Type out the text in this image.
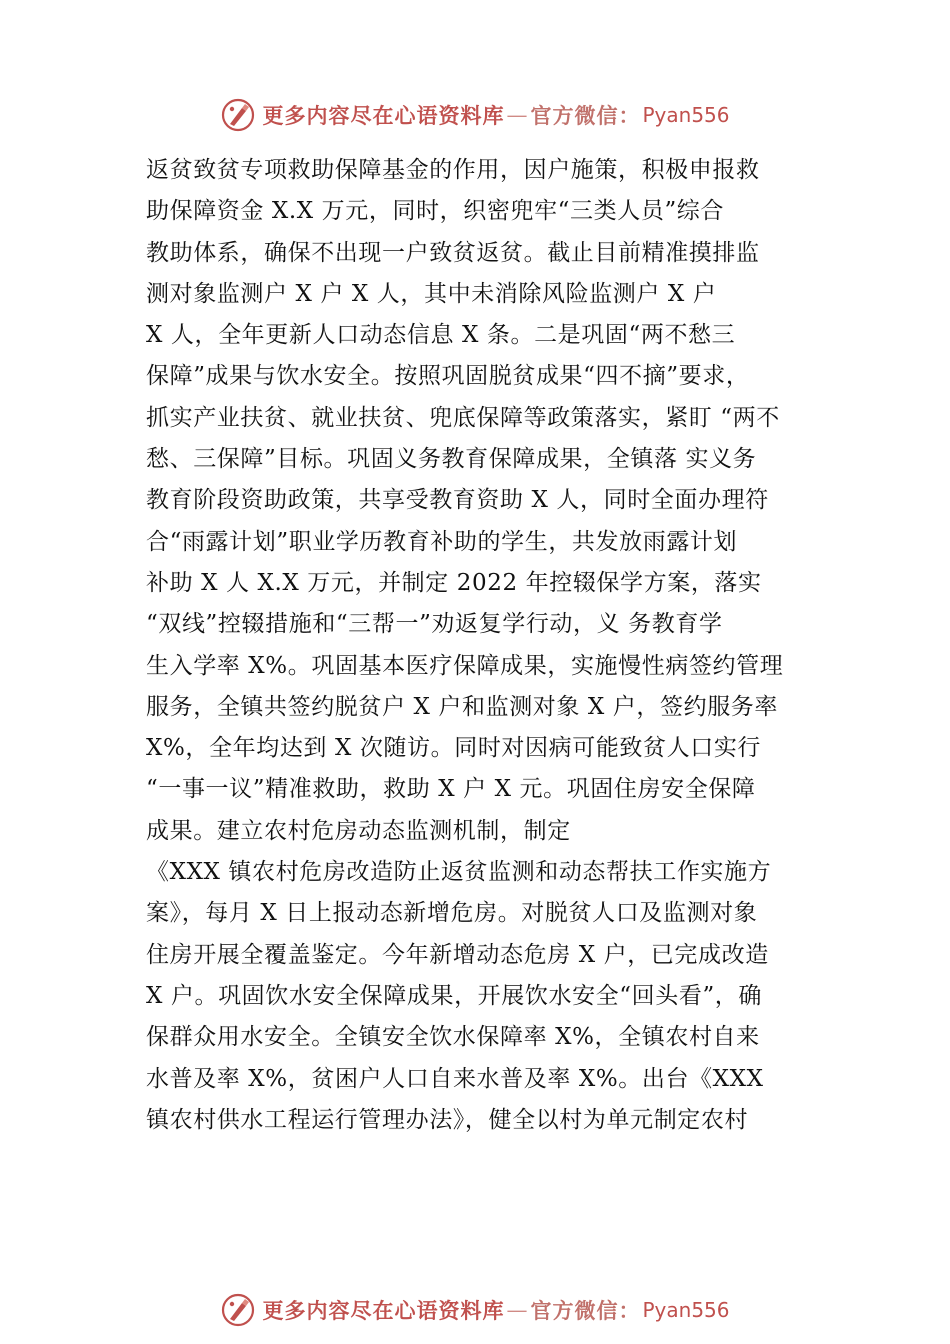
更多内容尽在心语资料库 — 官方微信： Pyan556
返贫致贫专项救助保障基金的作用，因户施策，积极申报救
助保障资金 X.X 万元，同时，织密兜牢“三类人员”综合
教助体系，确保不出现一户致贫返贫。截止目前精准摸排监
测对象监测户 X 户 X 人，其中未消除风险监测户 X 户
X 人，全年更新人口动态信息 X 条。二是巩固“两不愁三
保障”成果与饮水安全。按照巩固脱贫成果“四不摘”要求，
抓实产业扶贫、就业扶贫、兜底保障等政策落实，紧盯 “两不
愁、三保障”目标。巩固义务教育保障成果，全镇落 实义务
教育阶段资助政策，共享受教育资助 X 人，同时全面办理符
合“雨露计划”职业学历教育补助的学生，共发放雨露计划
补助 X 人 X.X 万元，并制定 2022 年控辍保学方案，落实
“双线”控辍措施和“三帮一”劝返复学行动，义 务教育学
生入学率 X%。巩固基本医疗保障成果，实施慢性病签约管理
服务，全镇共签约脱贫户 X 户和监测对象 X 户，签约服务率
X%，全年均达到 X 次随访。同时对因病可能致贫人口实行
“一事一议”精准救助，救助 X 户 X 元。巩固住房安全保障
成果。建立农村危房动态监测机制，制定
《XXX 镇农村危房改造防止返贫监测和动态帮扶工作实施方
案》，每月 X 日上报动态新增危房。对脱贫人口及监测对象
住房开展全覆盖鉴定。今年新增动态危房 X 户，已完成改造
X 户。巩固饮水安全保障成果，开展饮水安全“回头看”，确
保群众用水安全。全镇安全饮水保障率 X%，全镇农村自来
水普及率 X%，贫困户人口自来水普及率 X%。出台《XXX
镇农村供水工程运行管理办法》，健全以村为单元制定农村
更多内容尽在心语资料库 — 官方微信： Pyan556
